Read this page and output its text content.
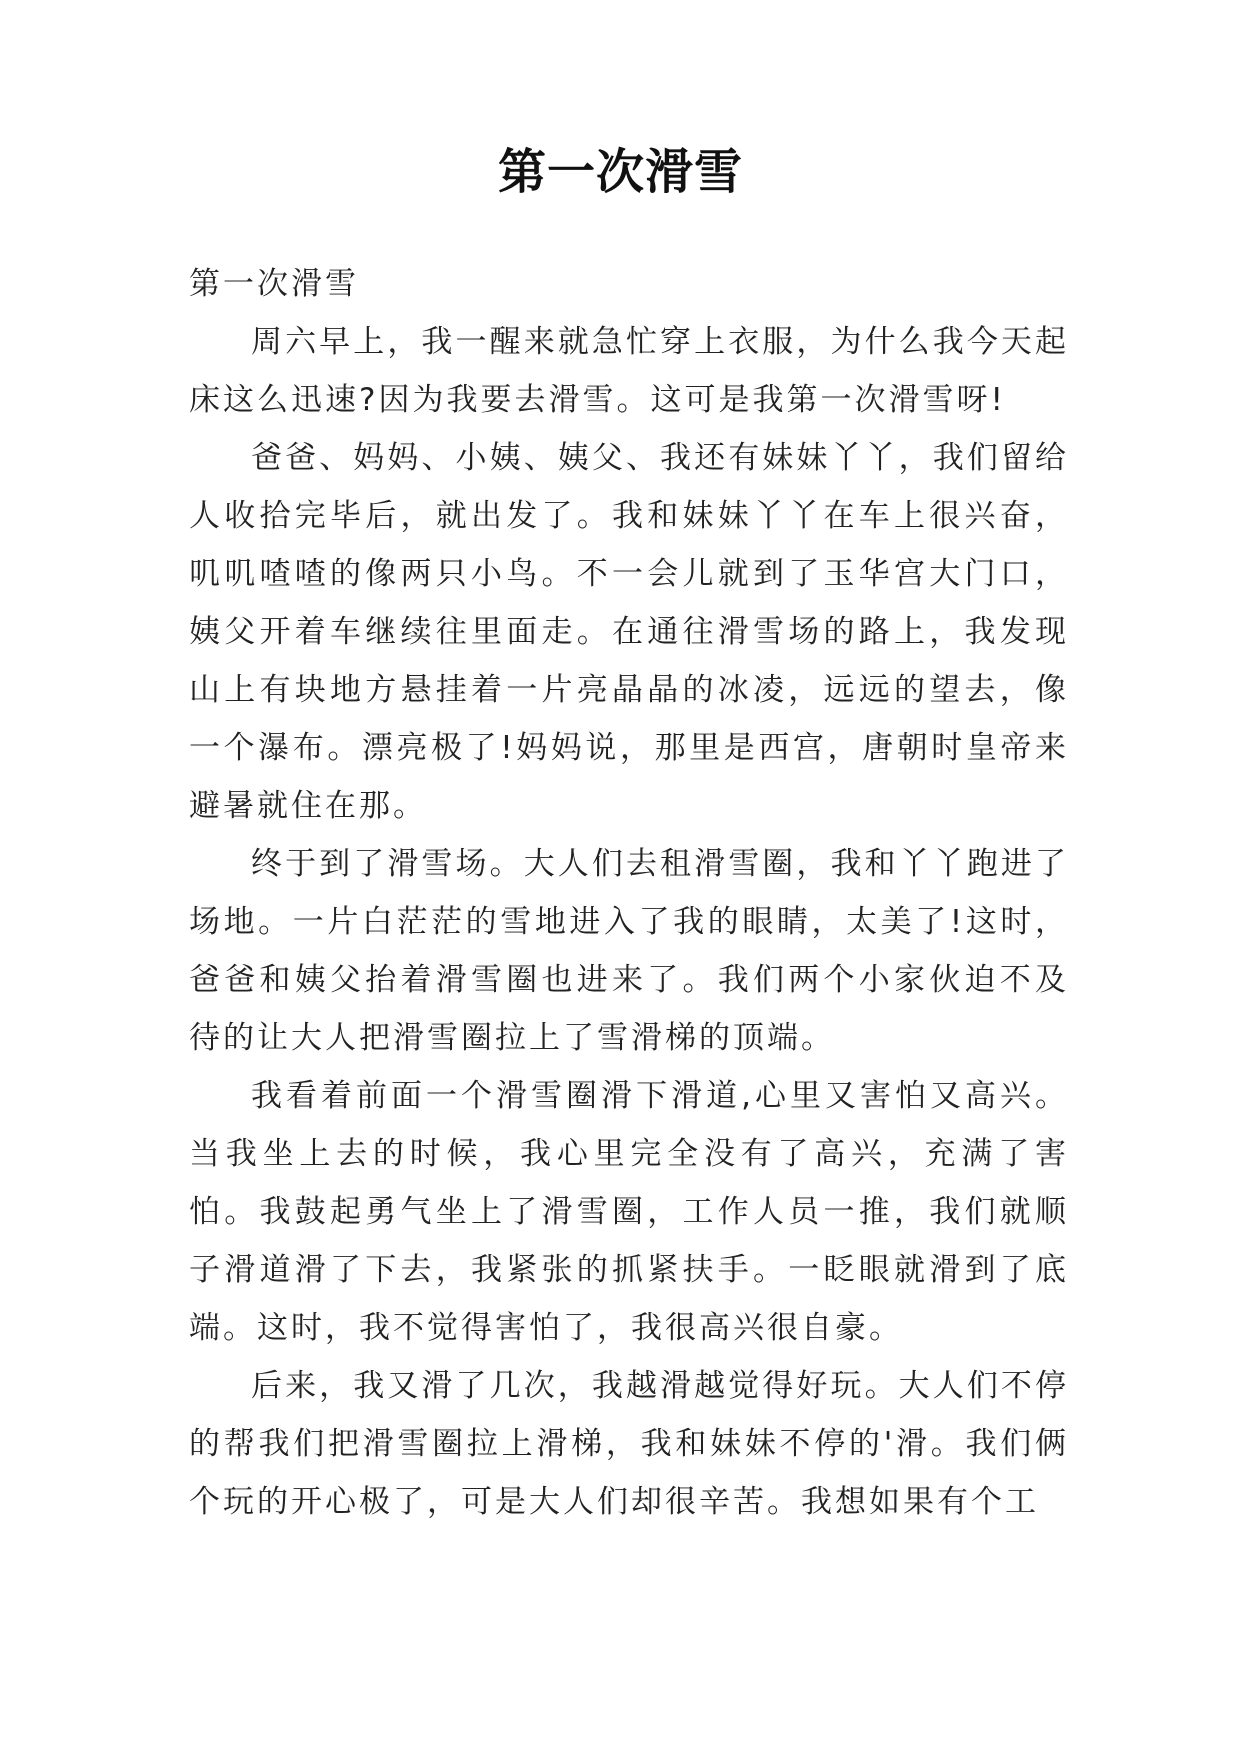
第一次滑雪

第一次滑雪

周六早上，我一醒来就急忙穿上衣服，为什么我今天起床这么迅速?因为我要去滑雪。这可是我第一次滑雪呀!

爸爸、妈妈、小姨、姨父、我还有妹妹丫丫，我们留给人收拾完毕后，就出发了。我和妹妹丫丫在车上很兴奋，叽叽喳喳的像两只小鸟。不一会儿就到了玉华宫大门口，姨父开着车继续往里面走。在通往滑雪场的路上，我发现山上有块地方悬挂着一片亮晶晶的冰凌，远远的望去，像一个瀑布。漂亮极了!妈妈说，那里是西宫，唐朝时皇帝来避暑就住在那。

终于到了滑雪场。大人们去租滑雪圈，我和丫丫跑进了场地。一片白茫茫的雪地进入了我的眼睛，太美了!这时，爸爸和姨父抬着滑雪圈也进来了。我们两个小家伙迫不及待的让大人把滑雪圈拉上了雪滑梯的顶端。

我看着前面一个滑雪圈滑下滑道,心里又害怕又高兴。当我坐上去的时候，我心里完全没有了高兴，充满了害怕。我鼓起勇气坐上了滑雪圈，工作人员一推，我们就顺子滑道滑了下去，我紧张的抓紧扶手。一眨眼就滑到了底端。这时，我不觉得害怕了，我很高兴很自豪。

后来，我又滑了几次，我越滑越觉得好玩。大人们不停的帮我们把滑雪圈拉上滑梯，我和妹妹不停的'滑。我们俩个玩的开心极了，可是大人们却很辛苦。我想如果有个工
